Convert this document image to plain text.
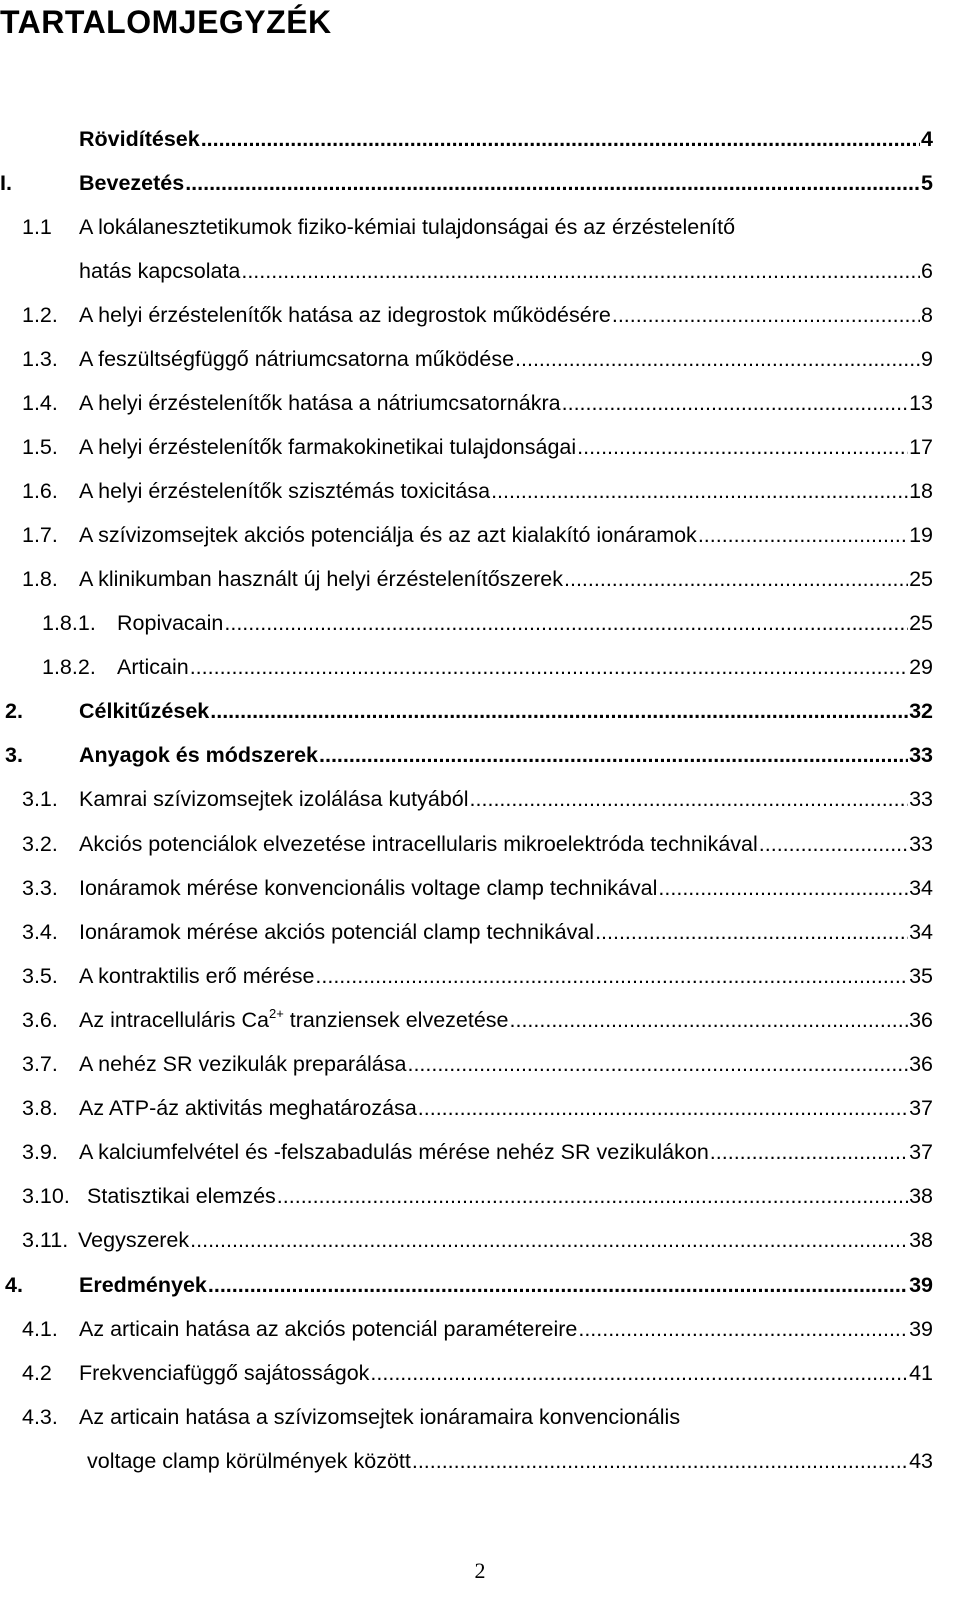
TARTALOMJEGYZÉK
Rövidítések .....	4
I.	Bevezetés .....	5
1.1 A lokálanesztetikumok fiziko-kémiai tulajdonságai és az érzéstelenítő
hatás kapcsolata .....	6
1.2. A helyi érzéstelenítők hatása az idegrostok működésére .....	8
1.3. A feszültségfüggő nátriumcsatorna működése .....	9
1.4. A helyi érzéstelenítők hatása a nátriumcsatornákra .....	13
1.5. A helyi érzéstelenítők farmakokinetikai tulajdonságai .....	17
1.6. A helyi érzéstelenítők szisztémás toxicitása .....	18
1.7. A szívizomsejtek akciós potenciálja és az azt kialakító ionáramok .....	19
1.8. A klinikumban használt új helyi érzéstelenítőszerek .....	25
1.8.1. Ropivacain .....	25
1.8.2. Articain .....	29
2.	Célkitűzések .....	32
3.	Anyagok és módszerek .....	33
3.1. Kamrai szívizomsejtek izolálása kutyából .....	33
3.2. Akciós potenciálok elvezetése intracellularis mikroelektróda technikával .....	33
3.3. Ionáramok mérése konvencionális voltage clamp technikával .....	34
3.4. Ionáramok mérése akciós potenciál clamp technikával .....	34
3.5. A kontraktilis erő mérése .....	35
3.6. Az intracelluláris $Ca^{2+}$ tranziensek elvezetése .....	36
3.7. A nehéz SR vezikulák preparálása .....	36
3.8. Az ATP-áz aktivitás meghatározása .....	37
3.9. A kalciumfelvétel és -felszabadulás mérése nehéz SR vezikulákon .....	37
3.10. Statisztikai elemzés .....	38
3.11. Vegyszerek .....	38
4.	Eredmények .....	39
4.1. Az articain hatása az akciós potenciál paramétereire .....	39
4.2 Frekvenciafüggő sajátosságok .....	41
4.3. Az articain hatása a szívizomsejtek ionáramaira konvencionális
voltage clamp körülmények között .....	43
2
